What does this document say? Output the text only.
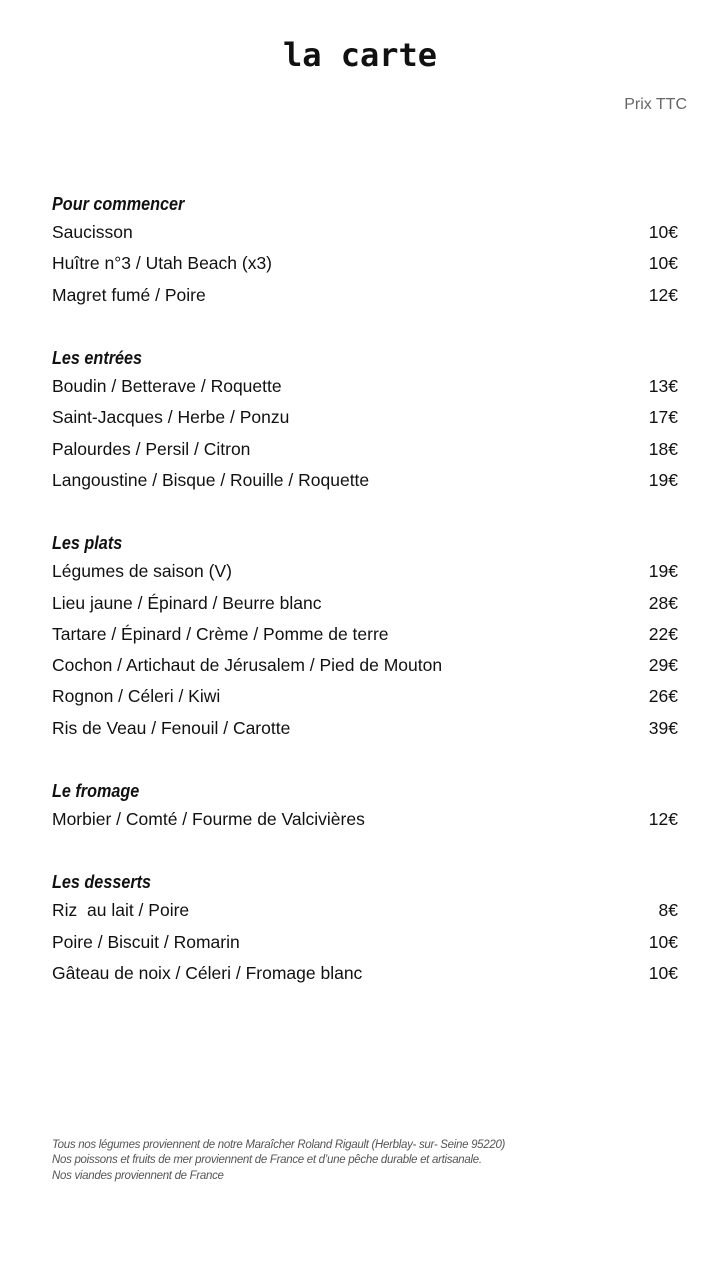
la carte
Prix TTC
Pour commencer
Saucisson	10€
Huître n°3 / Utah Beach (x3)	10€
Magret fumé / Poire	12€
Les entrées
Boudin / Betterave / Roquette	13€
Saint-Jacques / Herbe / Ponzu	17€
Palourdes / Persil / Citron	18€
Langoustine / Bisque / Rouille / Roquette	19€
Les plats
Légumes de saison (V)	19€
Lieu jaune / Épinard / Beurre blanc	28€
Tartare / Épinard / Crème / Pomme de terre	22€
Cochon / Artichaut de Jérusalem / Pied de Mouton	29€
Rognon / Céleri / Kiwi	26€
Ris de Veau / Fenouil / Carotte	39€
Le fromage
Morbier / Comté / Fourme de Valcivières	12€
Les desserts
Riz  au lait / Poire	8€
Poire / Biscuit / Romarin	10€
Gâteau de noix / Céleri / Fromage blanc	10€
Tous nos légumes proviennent de notre Maraîcher Roland Rigault (Herblay- sur- Seine 95220)
Nos poissons et fruits de mer proviennent de France et d’une pêche durable et artisanale.
Nos viandes proviennent de France
